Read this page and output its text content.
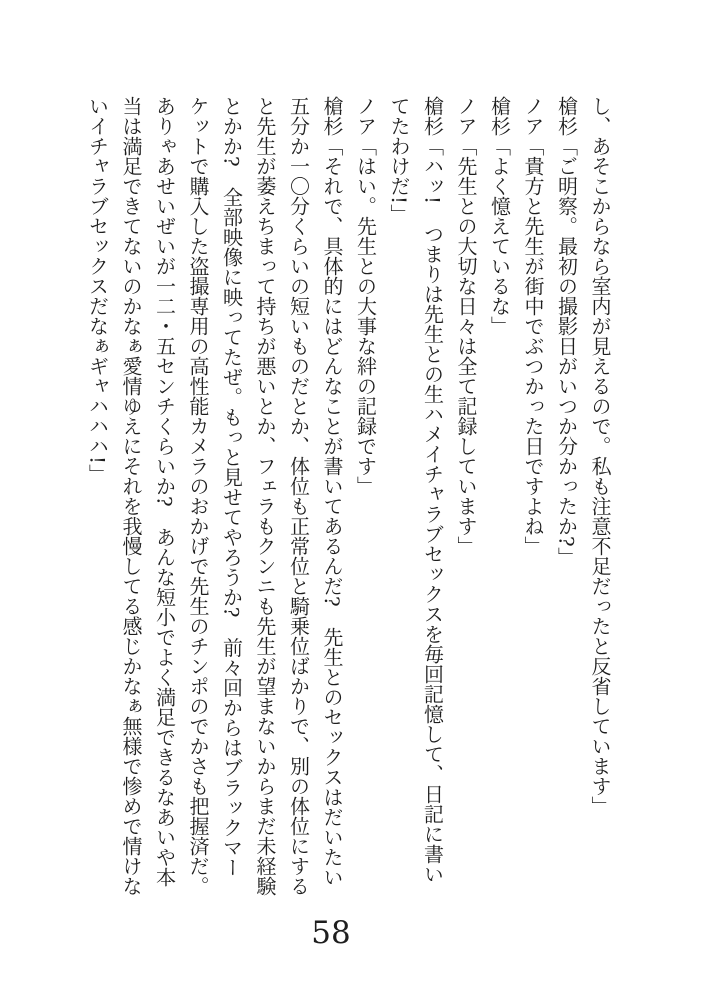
し、あそこからなら室内が見えるので。私も注意不足だったと反省しています」

槍杉「ご明察。最初の撮影日がいつか分かったか?」

ノア「貴方と先生が街中でぶつかった日ですよね」

槍杉「よく憶えているな」

ノア「先生との大切な日々は全て記録しています」

槍杉「ハッ!　つまりは先生との生ハメイチャラブセックスを毎回記憶して、日記に書い

てたわけだ!」

ノア「はい。先生との大事な絆の記録です」

槍杉「それで、具体的にはどんなことが書いてあるんだ?　先生とのセックスはだいたい

五分か一〇分くらいの短いものだとか、体位も正常位と騎乗位ばかりで、別の体位にする

と先生が萎えちまって持ちが悪いとか、フェラもクンニも先生が望まないからまだ未経験

とかか?　全部映像に映ってたぜ。もっと見せてやろうか?　前々回からはブラックマー

ケットで購入した盗撮専用の高性能カメラのおかげで先生のチンポのでかさも把握済だ。

ありゃあせいぜいが一二・五センチくらいか?　あんな短小でよく満足できるなあいや本

当は満足できてないのかなぁ愛情ゆえにそれを我慢してる感じかなぁ無様で惨めで情けな

いイチャラブセックスだなぁギャハハハ!」

58
